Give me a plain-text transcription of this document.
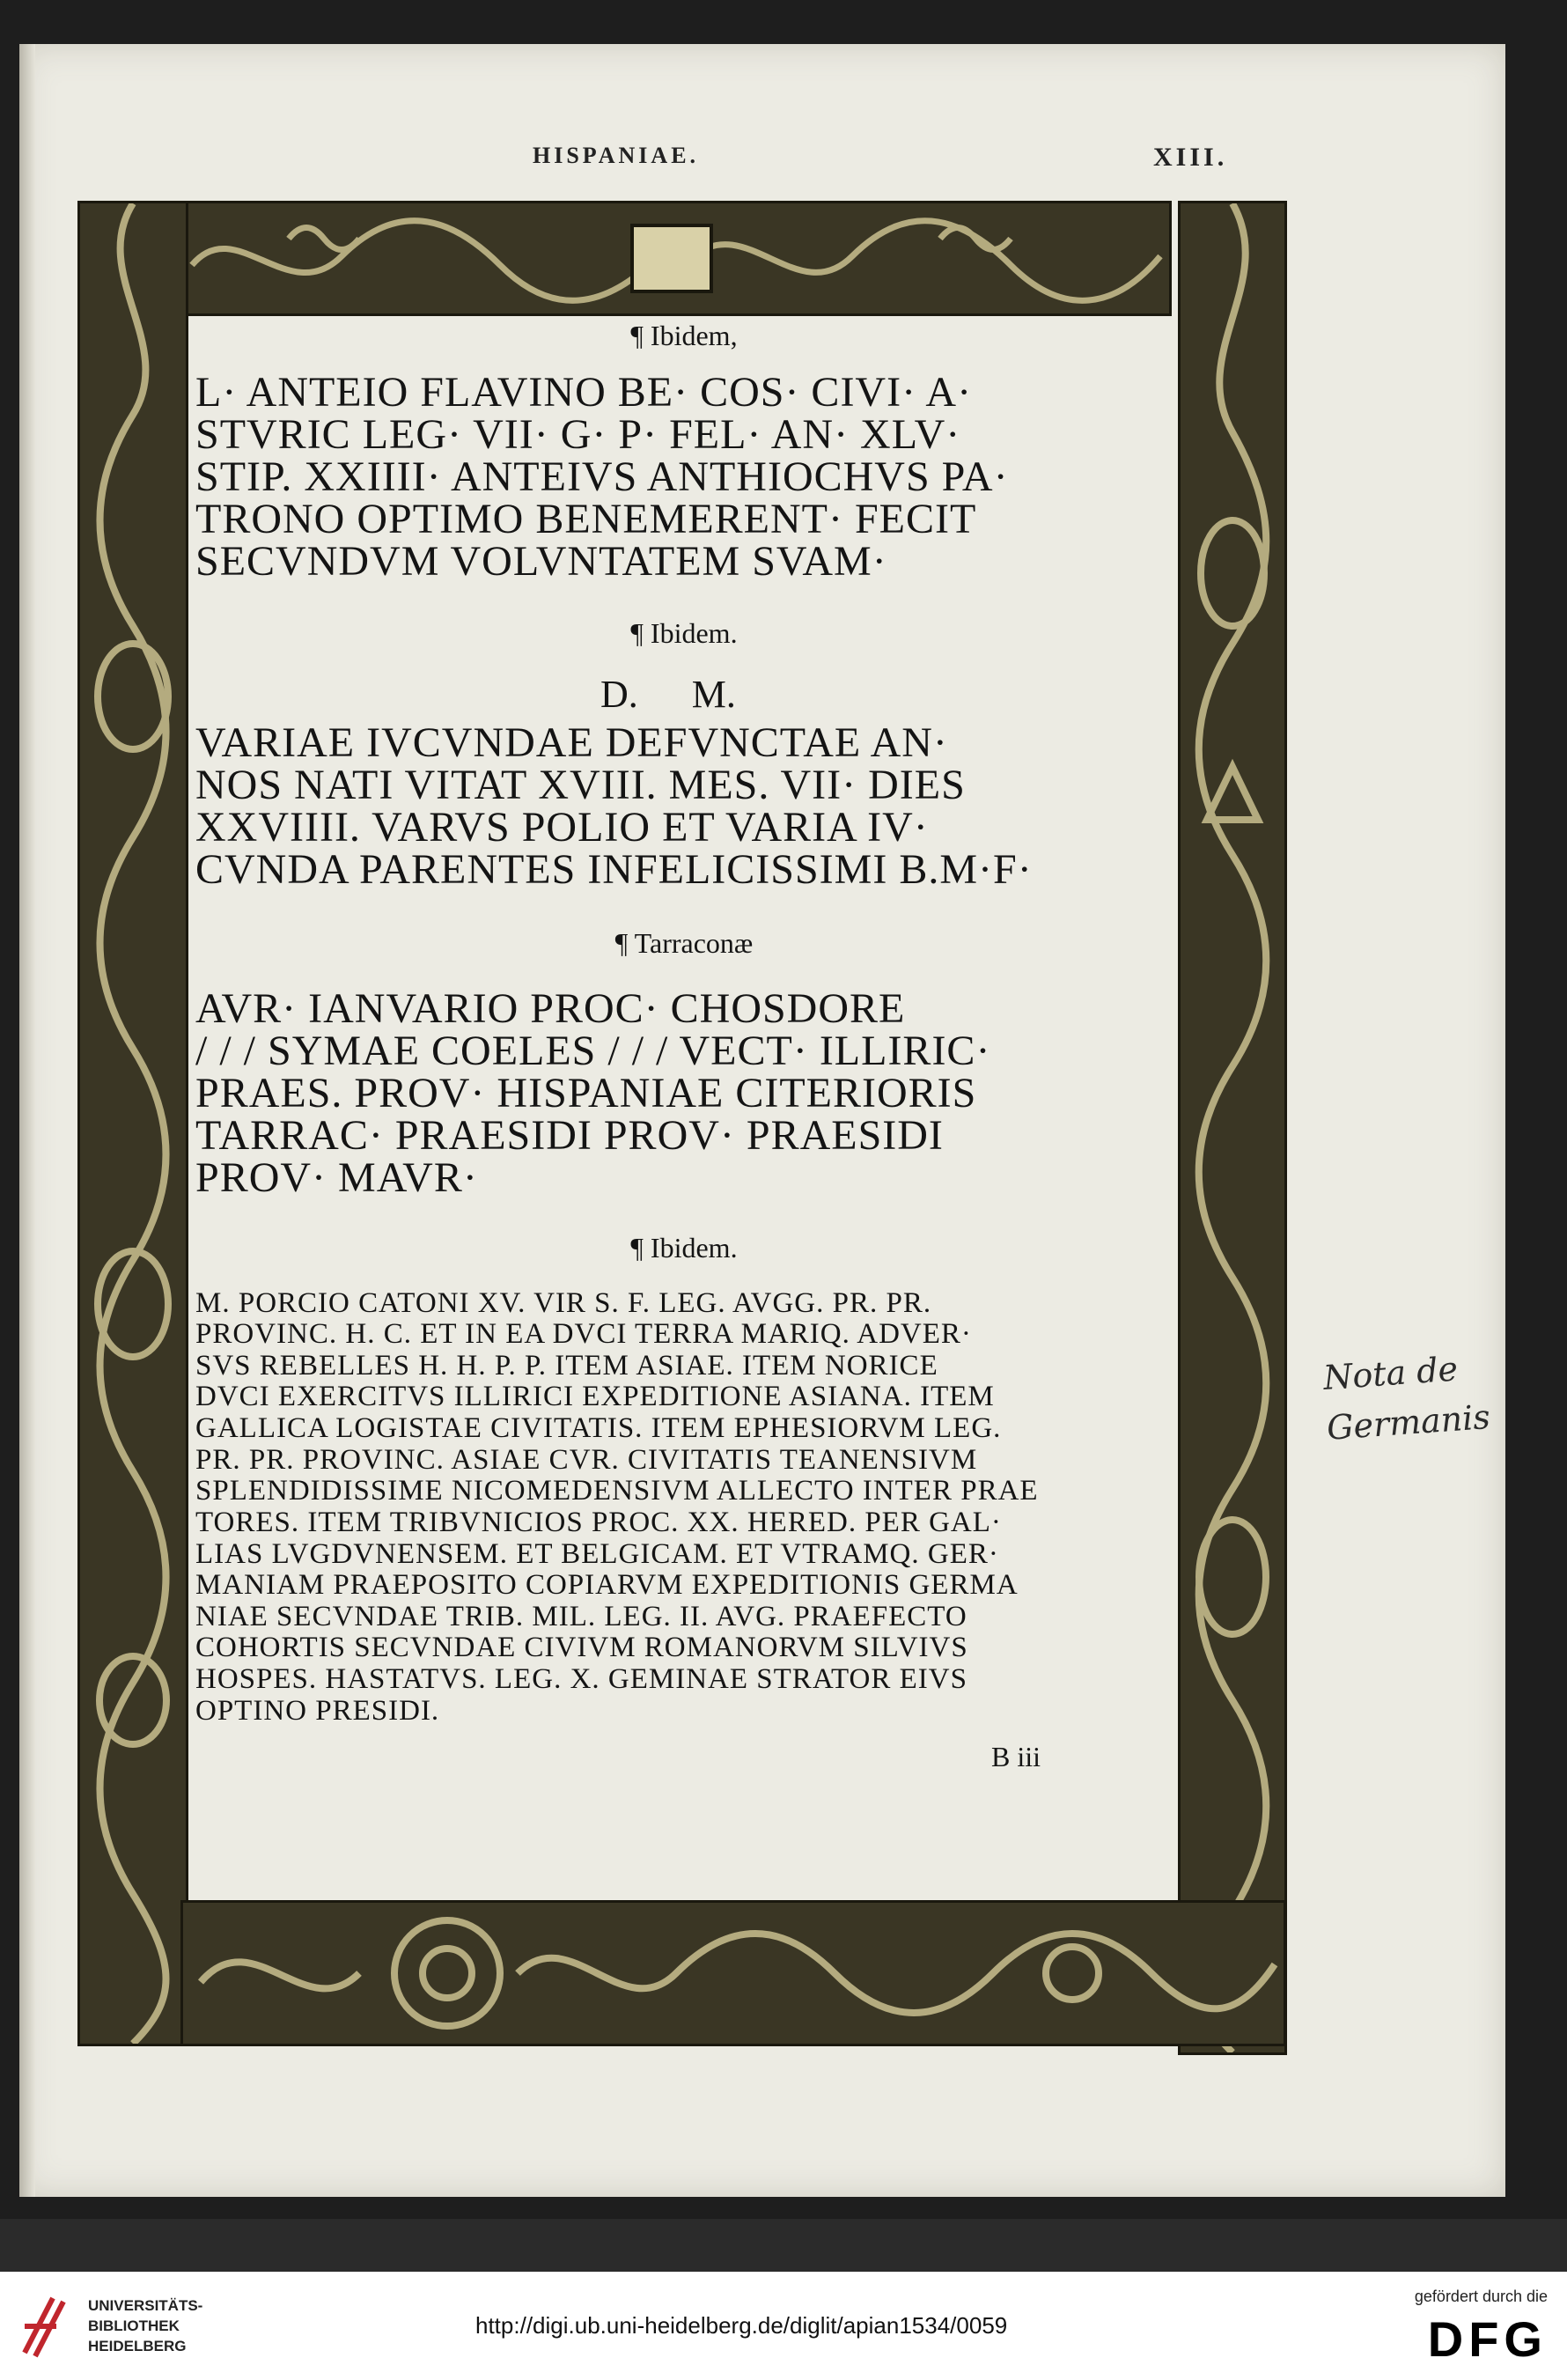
HISPANIAE.	XIII.

¶ Ibidem,

L· ANTEIO FLAVINO BE· COS· CIVI· A·
STVRIC LEG· VII· G· P· FEL· AN· XLV·
STIP. XXIIII· ANTEIVS ANTHIOCHVS PA·
TRONO OPTIMO BENEMERENT· FECIT
SECVNDVM VOLVNTATEM SVAM·

¶ Ibidem.

D. M.

VARIAE IVCVNDAE DEFVNCTAE AN·
NOS NATI VITAT XVIII. MES. VII· DIES
XXVIIII. VARVS POLIO ET VARIA IV·
CVNDA PARENTES INFELICISSIMI B.M·F·

¶ Tarraconæ

AVR· IANVARIO PROC· CHOSDORE
/ / / SYMAE COELES / / / VECT· ILLIRIC·
PRAES. PROV· HISPANIAE CITERIORIS
TARRAC· PRAESIDI PROV· PRAESIDI
PROV· MAVR·

¶ Ibidem.

M. PORCIO CATONI XV. VIR S. F. LEG. AVGG. PR. PR.
PROVINC. H. C. ET IN EA DVCI TERRA MARIQ. ADVER·
SVS REBELLES H. H. P. P. ITEM ASIAE. ITEM NORICE
DVCI EXERCITVS ILLIRICI EXPEDITIONE ASIANA. ITEM
GALLICA LOGISTAE CIVITATIS. ITEM EPHESIORVM LEG.
PR. PR. PROVINC. ASIAE CVR. CIVITATIS TEANENSIVM
SPLENDIDISSIME NICOMEDENSIVM ALLECTO INTER PRAE
TORES. ITEM TRIBVNICIOS PROC. XX. HERED. PER GAL·
LIAS LVGDVNENSEM. ET BELGICAM. ET VTRAMQ. GER·
MANIAM PRAEPOSITO COPIARVM EXPEDITIONIS GERMA
NIAE SECVNDAE TRIB. MIL. LEG. II. AVG. PRAEFECTO
COHORTIS SECVNDAE CIVIVM ROMANORVM SILVIVS
HOSPES. HASTATVS. LEG. X. GEMINAE STRATOR EIVS
OPTINO PRESIDI.

B iii
Nota de
Germanis
UNIVERSITÄTS-
BIBLIOTHEK
HEIDELBERG
http://digi.ub.uni-heidelberg.de/diglit/apian1534/0059
gefördert durch die
DFG
